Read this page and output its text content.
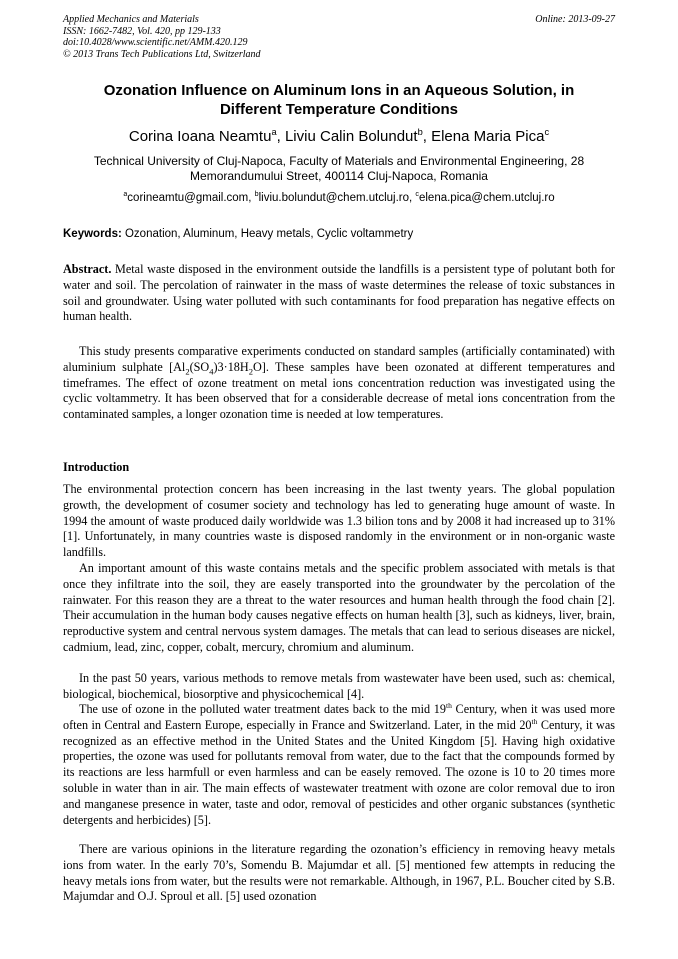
Applied Mechanics and Materials
ISSN: 1662-7482, Vol. 420, pp 129-133
doi:10.4028/www.scientific.net/AMM.420.129
© 2013 Trans Tech Publications Ltd, Switzerland
Online: 2013-09-27
Ozonation Influence on Aluminum Ions in an Aqueous Solution, in
Different Temperature Conditions
Corina Ioana Neamtu$^a$, Liviu Calin Bolundut$^b$, Elena Maria Pica$^c$
Technical University of Cluj-Napoca, Faculty of Materials and Environmental Engineering, 28
Memorandumului Street, 400114 Cluj-Napoca, Romania
$^a$corineamtu@gmail.com, $^b$liviu.bolundut@chem.utcluj.ro, $^c$elena.pica@chem.utcluj.ro
Keywords: Ozonation, Aluminum, Heavy metals, Cyclic voltammetry

Abstract. Metal waste disposed in the environment outside the landfills is a persistent type of polutant both for water and soil. The percolation of rainwater in the mass of waste determines the release of toxic substances in soil and groundwater. Using water polluted with such contaminants for food preparation has negative effects on human health.

This study presents comparative experiments conducted on standard samples (artificially contaminated) with aluminium sulphate $[Al_2(SO_4)3\cdot 18H_2O]$. These samples have been ozonated at different temperatures and timeframes. The effect of ozone treatment on metal ions concentration reduction was investigated using the cyclic voltammetry. It has been observed that for a considerable decrease of metal ions concentration from the contaminated samples, a longer ozonation time is needed at low temperatures.

Introduction

The environmental protection concern has been increasing in the last twenty years. The global population growth, the development of cosumer society and technology has led to generating huge amount of waste. In 1994 the amount of waste produced daily worldwide was 1.3 bilion tons and by 2008 it had increased up to 31% [1]. Unfortunately, in many countries waste is disposed randomly in the environment or in non-organic waste landfills.

An important amount of this waste contains metals and the specific problem associated with metals is that once they infiltrate into the soil, they are easely transported into the groundwater by the percolation of the rainwater. For this reason they are a threat to the water resources and human health through the food chain [2]. Their accumulation in the human body causes negative effects on human health [3], such as kidneys, liver, brain, reproductive system and central nervous system damages. The metals that can lead to serious diseases are nickel, cadmium, lead, zinc, copper, cobalt, mercury, chromium and aluminum.

In the past 50 years, various methods to remove metals from wastewater have been used, such as: chemical, biological, biochemical, biosorptive and physicochemical [4].

The use of ozone in the polluted water treatment dates back to the mid 19th Century, when it was used more often in Central and Eastern Europe, especially in France and Switzerland. Later, in the mid 20th Century, it was recognized as an effective method in the United States and the United Kingdom [5]. Having high oxidative properties, the ozone was used for pollutants removal from water, due to the fact that the compounds formed by its reactions are less harmfull or even harmless and can be easely removed. The ozone is 10 to 20 times more soluble in water than in air. The main effects of wastewater treatment with ozone are color removal due to iron and manganese presence in water, taste and odor, removal of pesticides and other organic substances (synthetic detergents and herbicides) [5].

There are various opinions in the literature regarding the ozonation’s efficiency in removing heavy metals ions from water. In the early 70’s, Somendu B. Majumdar et all. [5] mentioned few attempts in reducing the heavy metals ions from water, but the results were not remarkable. Although, in 1967, P.L. Boucher cited by S.B. Majumdar and O.J. Sproul et all. [5] used ozonation
